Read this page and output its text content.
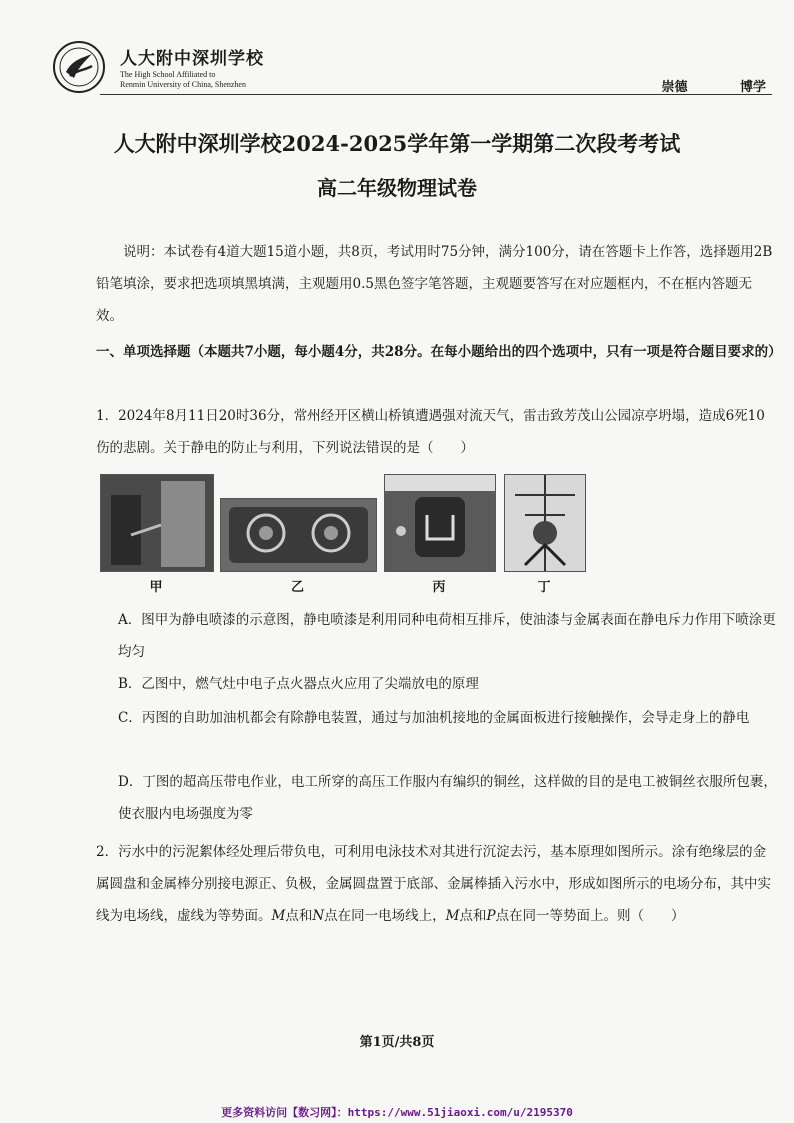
人大附中深圳学校
The High School Affiliated to
Renmin University of China, Shenzhen	崇德	博学
人大附中深圳学校2024-2025学年第一学期第二次段考考试
高二年级物理试卷
说明：本试卷有4道大题15道小题，共8页，考试用时75分钟，满分100分，请在答题卡上作答，选择题用2B铅笔填涂，要求把选项填黑填满，主观题用0.5黑色签字笔答题，主观题要答写在对应题框内，不在框内答题无效。
一、单项选择题（本题共7小题，每小题4分，共28分。在每小题给出的四个选项中，只有一项是符合题目要求的）
1．2024年8月11日20时36分，常州经开区横山桥镇遭遇强对流天气，雷击致芳茂山公园凉亭坍塌，造成6死10伤的悲剧。关于静电的防止与利用，下列说法错误的是（　　）
甲	乙	丙	丁
A．图甲为静电喷漆的示意图，静电喷漆是利用同种电荷相互排斥，使油漆与金属表面在静电斥力作用下喷涂更均匀
B．乙图中，燃气灶中电子点火器点火应用了尖端放电的原理
C．丙图的自助加油机都会有除静电装置，通过与加油机接地的金属面板进行接触操作，会导走身上的静电
D．丁图的超高压带电作业，电工所穿的高压工作服内有编织的铜丝，这样做的目的是电工被铜丝衣服所包裹，使衣服内电场强度为零
2．污水中的污泥絮体经处理后带负电，可利用电泳技术对其进行沉淀去污，基本原理如图所示。涂有绝缘层的金属圆盘和金属棒分别接电源正、负极，金属圆盘置于底部、金属棒插入污水中，形成如图所示的电场分布，其中实线为电场线，虚线为等势面。M点和N点在同一电场线上，M点和P点在同一等势面上。则（　　）
第1页/共8页
更多资料访问【数习网】：https://www.51jiaoxi.com/u/2195370
